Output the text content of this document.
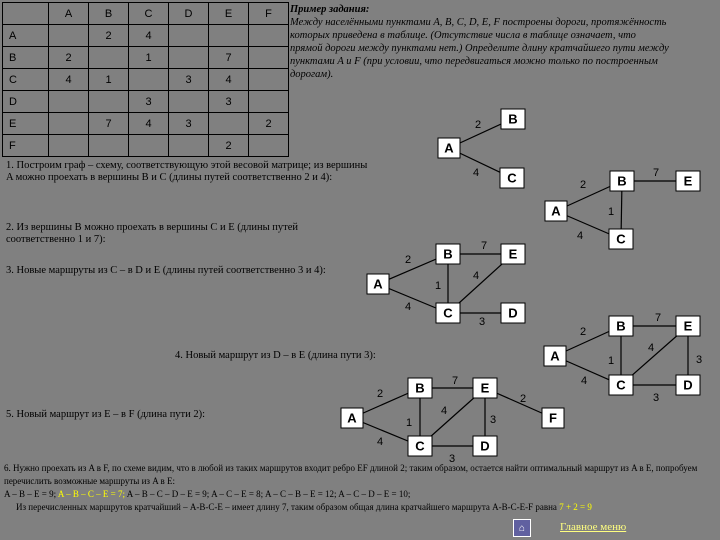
	A	B	C	D	E	F
A		2	4			
B	2		1		7	
C	4	1		3	4	
D			3		3	
E		7	4	3		2
F					2	
Пример задания:
Между населёнными пунктами A, B, C, D, E, F построены дороги, протяжённость которых приведена в таблице. (Отсутствие числа в таблице означает, что прямой дороги между пунктами нет.) Определите длину кратчайшего пути между пунктами A и F (при условии, что передвигаться можно только по построенным дорогам).
1. Построим граф – схему, соответствующую этой весовой матрице; из вершины A можно проехать в вершины B и C (длины путей соответственно 2 и 4):
2. Из вершины B можно проехать в вершины C и E (длины путей соответственно 1 и 7):
3. Новые маршруты из C – в D и E (длины путей соответственно 3 и 4):
4. Новый маршрут из D – в E (длина пути 3):
5. Новый маршрут из E – в F (длина пути 2):
2
4
A
B
C	2
4
1
7
A
B
C
E
2
4
1
7
4
3
A
B
C
E
D
2
4
1
7
4
3
3
A
B
C
E
D
2
4
1
7
4
3
3
2
A
B
C
E
D
F
6. Нужно проехать из A в F, по схеме видим, что в любой из таких маршрутов входит ребро EF длиной 2; таким образом, остается найти оптимальный маршрут из A в E, попробуем перечислить возможные маршруты из A в E:
A – B – E = 9; A – B – C – E = 7; A – B – C – D – E = 9; A – C – E = 8; A – C – B – E = 12; A – C – D – E = 10;
Из перечисленных маршрутов кратчайший – A-B-C-E – имеет длину 7, таким образом общая длина кратчайшего маршрута A-B-C-E-F равна 7 + 2 = 9
⌂	Главное меню
